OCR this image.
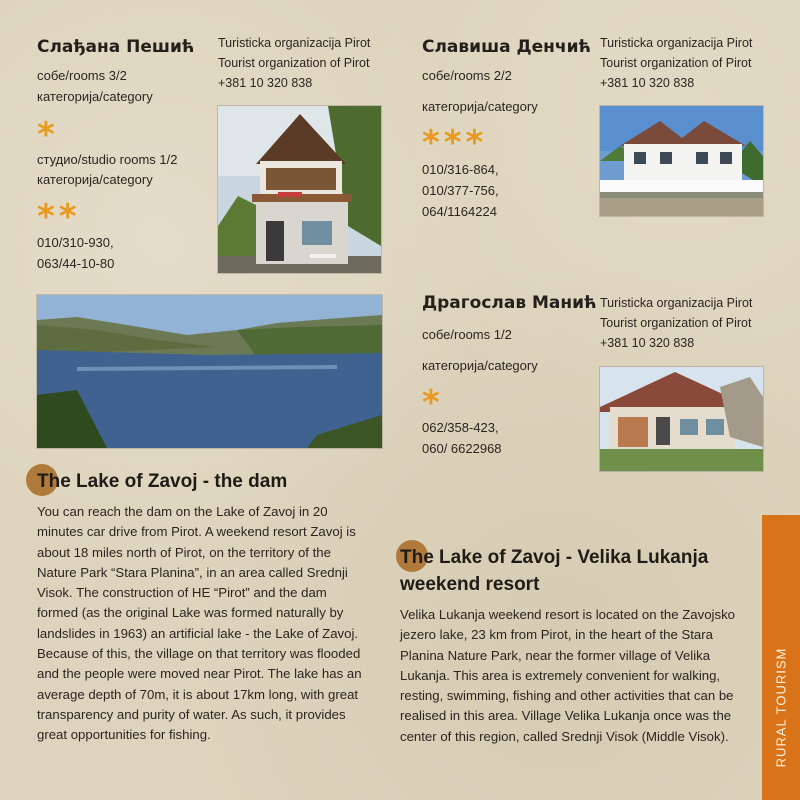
Слађана Пешић
собе/rooms 3/2
категорија/category
*
студио/studio rooms 1/2
категорија/category
**
010/310-930,
063/44-10-80
Turisticka organizacija Pirot
Tourist organization of Pirot
+381 10 320 838
Славиша Денчић
собе/rooms 2/2
категорија/category
***
010/316-864,
010/377-756,
064/1164224
Turisticka organizacija Pirot
Tourist organization of Pirot
+381 10 320 838
Драгослав Манић
собе/rooms 1/2
категорија/category
*
062/358-423,
060/ 6622968
Turisticka organizacija Pirot
Tourist organization of Pirot
+381 10 320 838
The Lake of Zavoj - the dam
You can reach the dam on the Lake of Zavoj in 20 minutes car drive from Pirot. A weekend resort Zavoj is about 18 miles north of Pirot, on the territory of the Nature Park “Stara Planina”, in an area called Srednji Visok. The construction of HE “Pirot” and the dam formed (as the original Lake was formed naturally by landslides in 1963) an artificial lake - the Lake of Zavoj. Because of this, the village on that territory was flooded and the people were moved near Pirot. The lake has an average depth of 70m, it is about 17km long, with great transparency and purity of water. As such, it provides great opportunities for fishing.
The Lake of Zavoj - Velika Lukanja weekend resort
Velika Lukanja weekend resort is located on the Zavojsko jezero lake, 23 km from Pirot, in the heart of the Stara Planina Nature Park, near the former village of Velika Lukanja. This area is extremely convenient for walking, resting, swimming, fishing and other activities that can be realised in this area. Village Velika Lukanja once was the center of this region, called Srednji Visok (Middle Visok).	RURAL TOURISM
